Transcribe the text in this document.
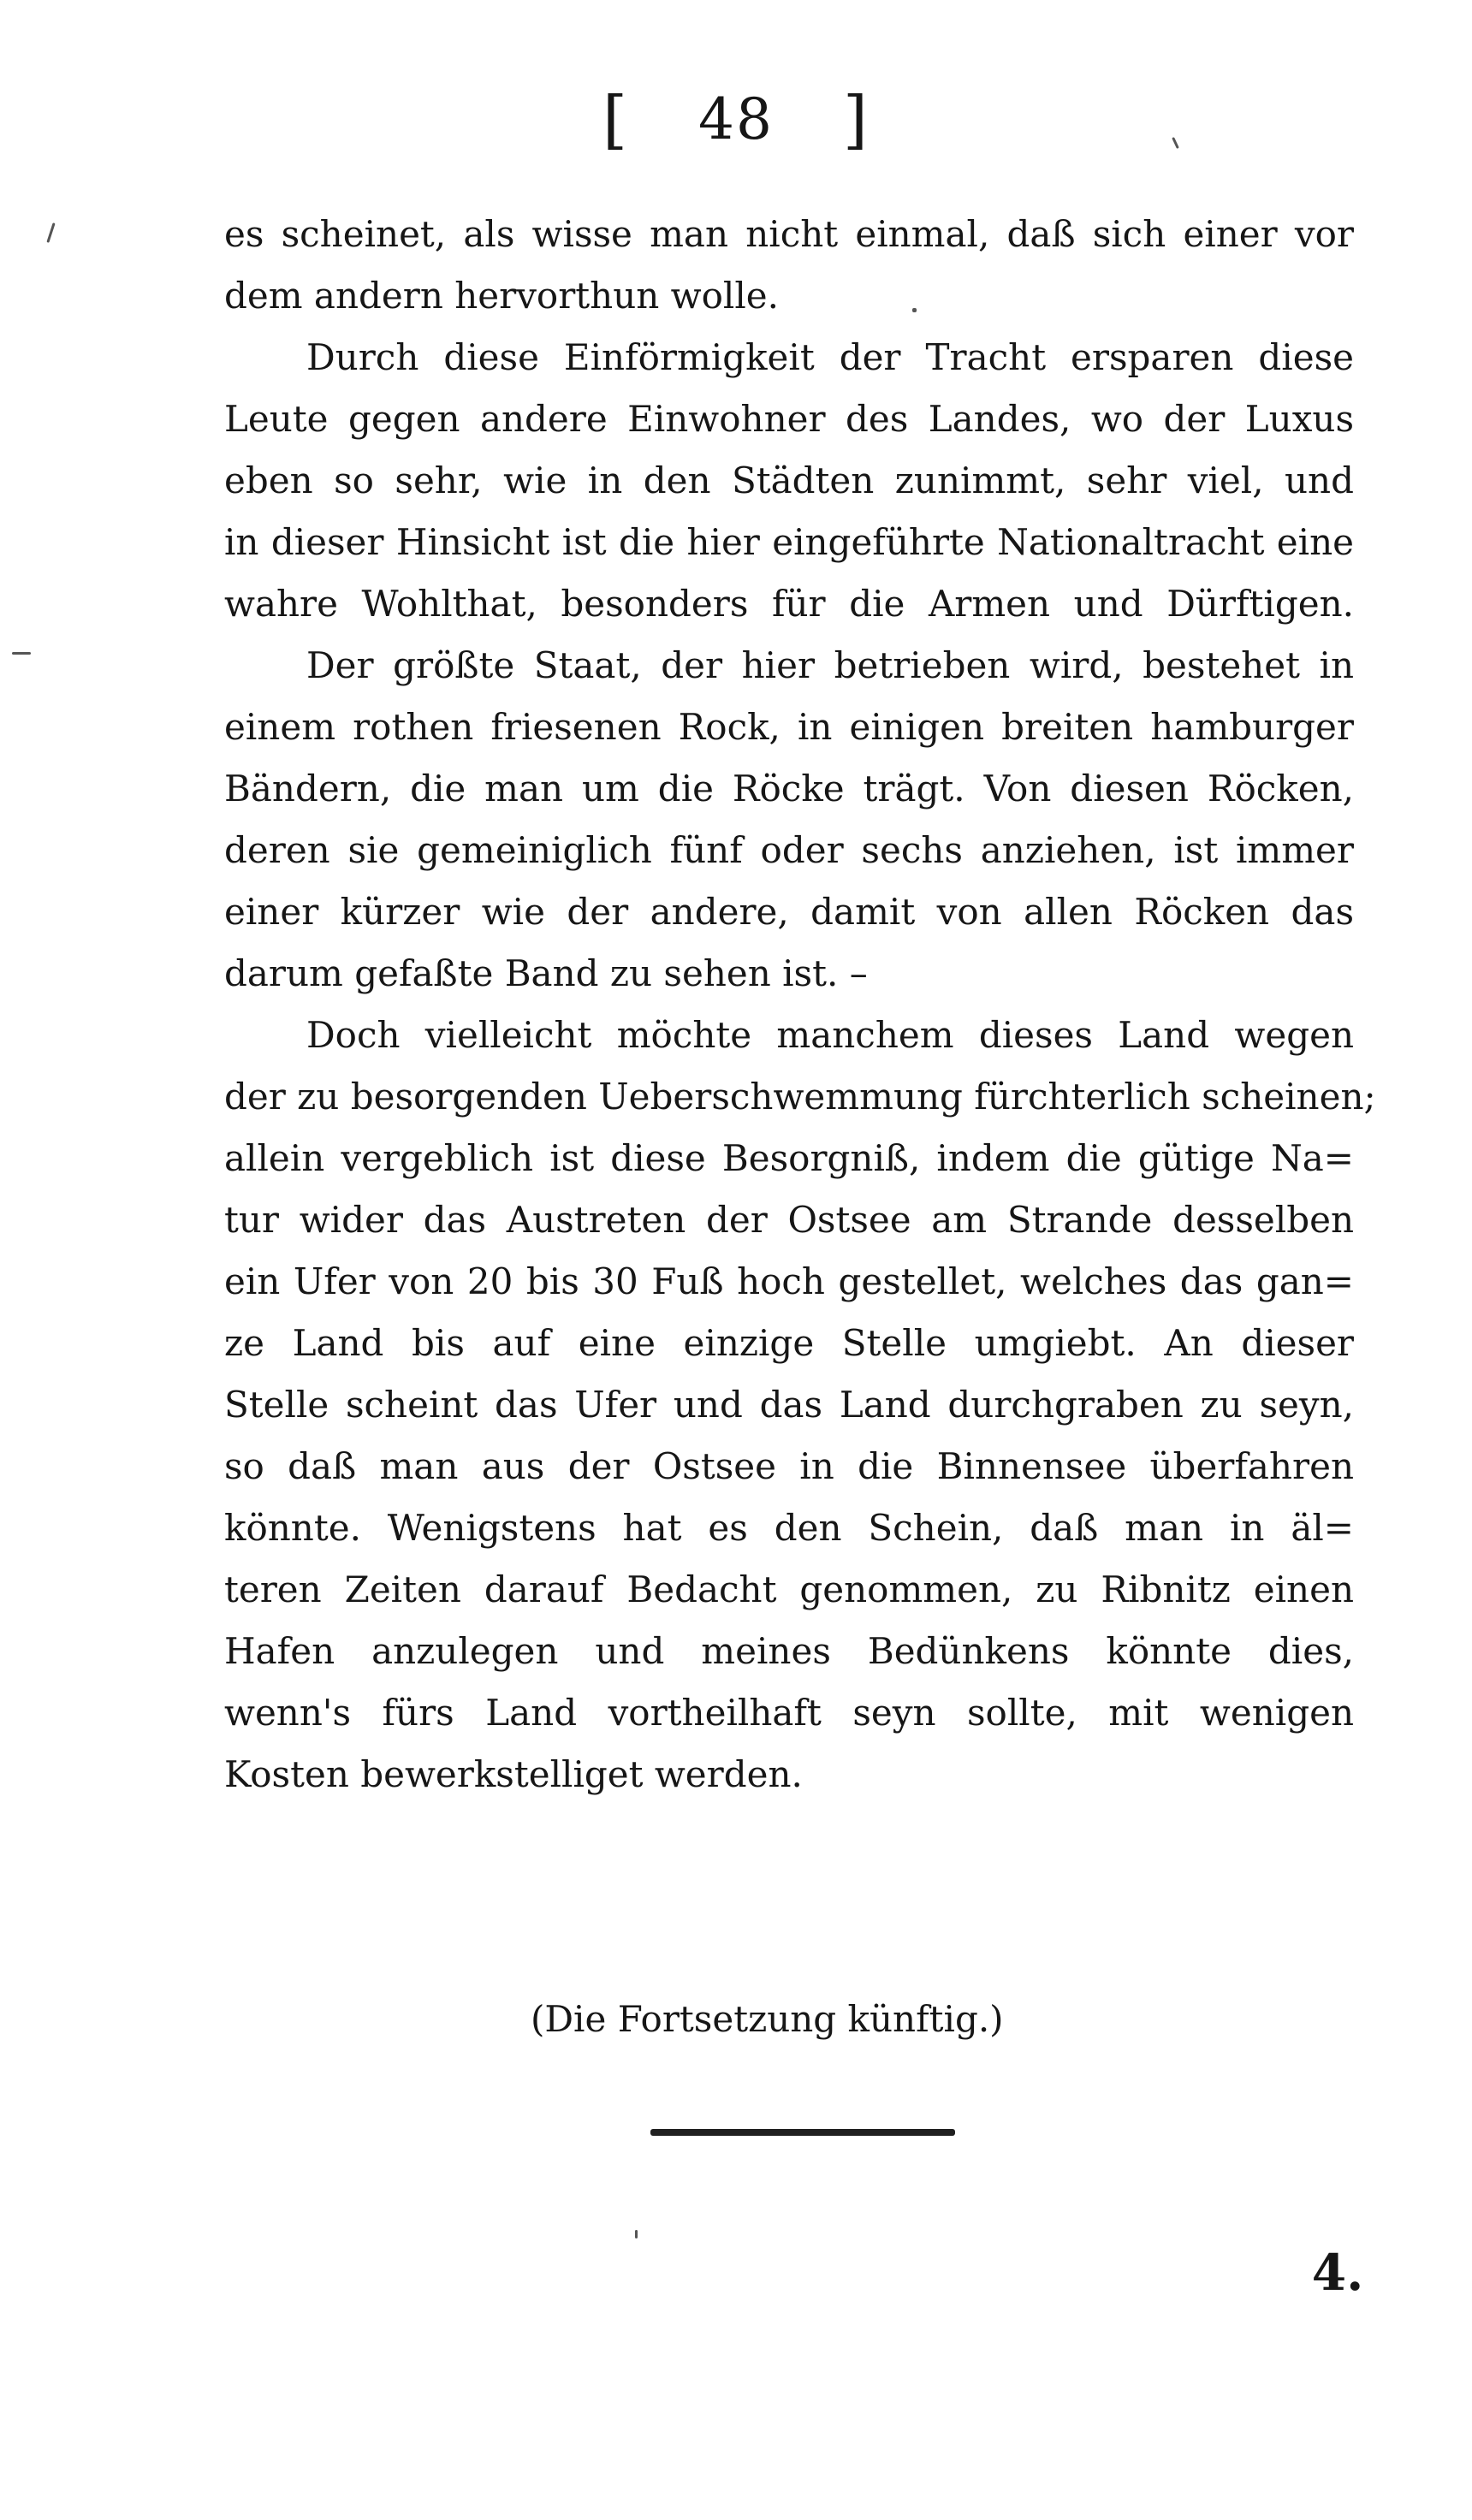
[ 48 ]
es scheinet, als wisse man nicht einmal, daß sich einer vor
dem andern hervorthun wolle.
Durch diese Einförmigkeit der Tracht ersparen diese
Leute gegen andere Einwohner des Landes, wo der Luxus
eben so sehr, wie in den Städten zunimmt, sehr viel, und
in dieser Hinsicht ist die hier eingeführte Nationaltracht eine
wahre Wohlthat, besonders für die Armen und Dürftigen.
Der größte Staat, der hier betrieben wird, bestehet in
einem rothen friesenen Rock, in einigen breiten hamburger
Bändern, die man um die Röcke trägt. Von diesen Röcken,
deren sie gemeiniglich fünf oder sechs anziehen, ist immer
einer kürzer wie der andere, damit von allen Röcken das
darum gefaßte Band zu sehen ist. –
Doch vielleicht möchte manchem dieses Land wegen
der zu besorgenden Ueberschwemmung fürchterlich scheinen;
allein vergeblich ist diese Besorgniß, indem die gütige Na=
tur wider das Austreten der Ostsee am Strande desselben
ein Ufer von 20 bis 30 Fuß hoch gestellet, welches das gan=
ze Land bis auf eine einzige Stelle umgiebt. An dieser
Stelle scheint das Ufer und das Land durchgraben zu seyn,
so daß man aus der Ostsee in die Binnensee überfahren
könnte. Wenigstens hat es den Schein, daß man in äl=
teren Zeiten darauf Bedacht genommen, zu Ribnitz einen
Hafen anzulegen und meines Bedünkens könnte dies,
wenn's fürs Land vortheilhaft seyn sollte, mit wenigen
Kosten bewerkstelliget werden.
(Die Fortsetzung künftig.)
4.
